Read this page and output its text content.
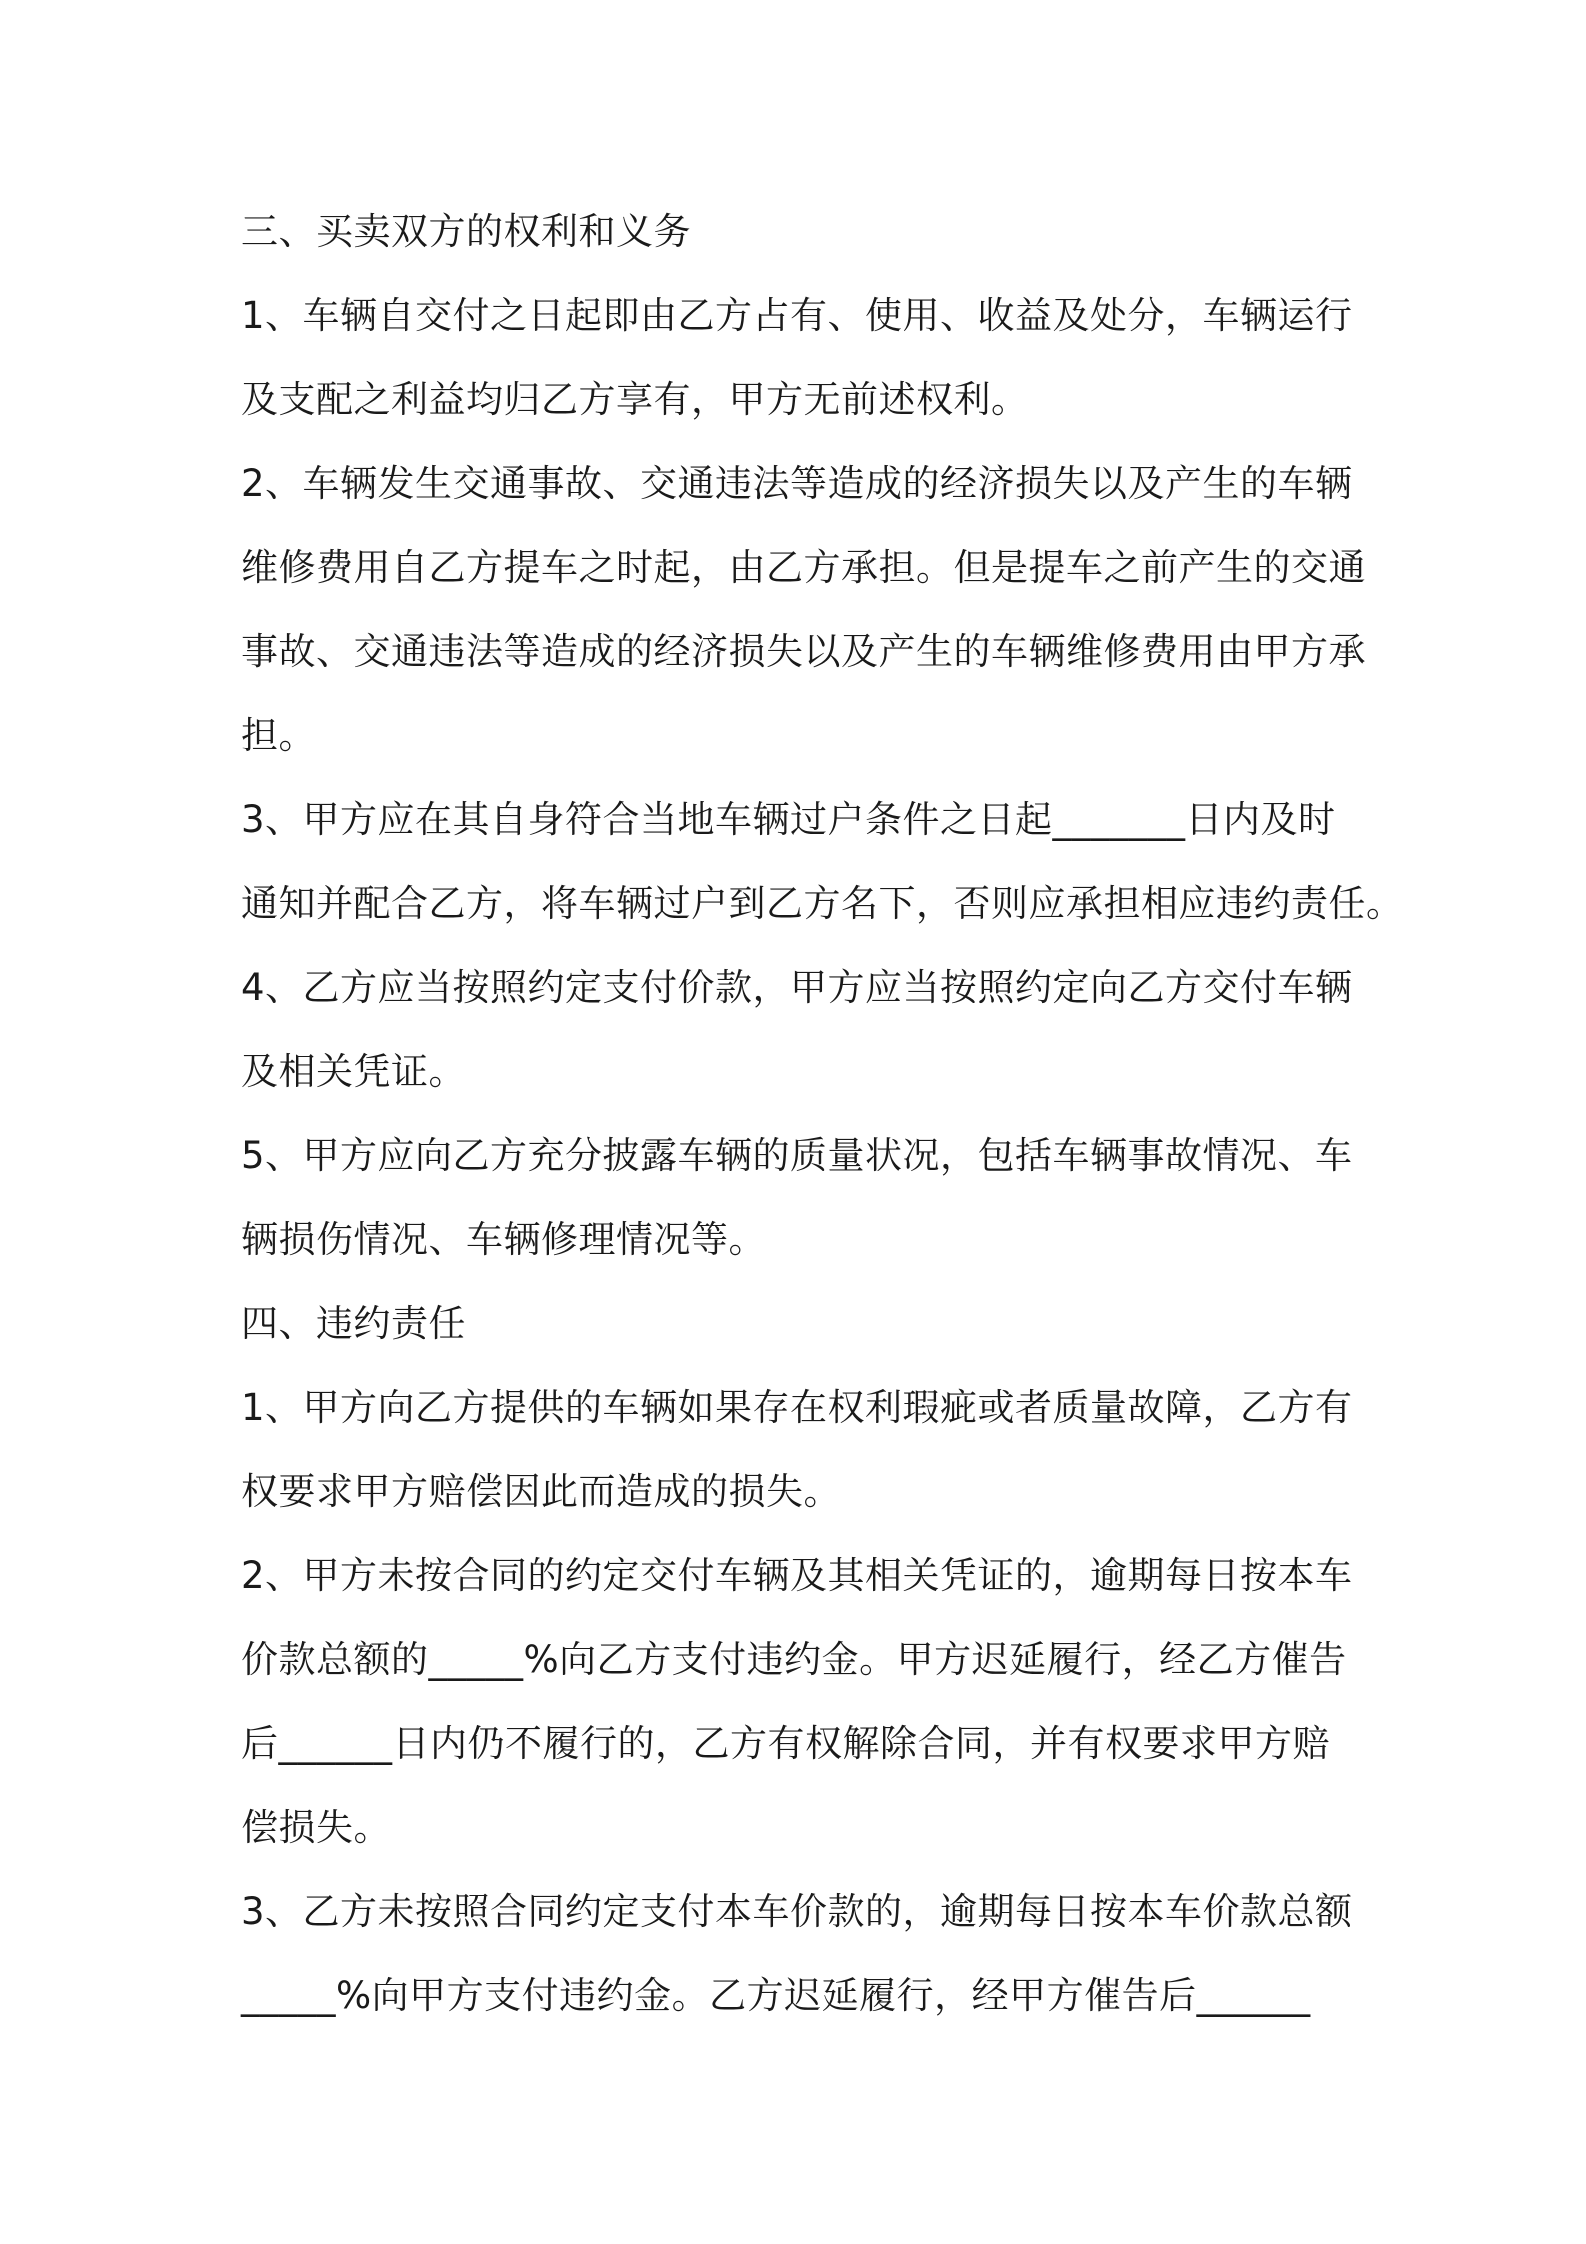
三、买卖双方的权利和义务
1、车辆自交付之日起即由乙方占有、使用、收益及处分，车辆运行
及支配之利益均归乙方享有，甲方无前述权利。
2、车辆发生交通事故、交通违法等造成的经济损失以及产生的车辆
维修费用自乙方提车之时起，由乙方承担。但是提车之前产生的交通
事故、交通违法等造成的经济损失以及产生的车辆维修费用由甲方承
担。
3、甲方应在其自身符合当地车辆过户条件之日起_______日内及时
通知并配合乙方，将车辆过户到乙方名下，否则应承担相应违约责任。
4、乙方应当按照约定支付价款，甲方应当按照约定向乙方交付车辆
及相关凭证。
5、甲方应向乙方充分披露车辆的质量状况，包括车辆事故情况、车
辆损伤情况、车辆修理情况等。
四、违约责任
1、甲方向乙方提供的车辆如果存在权利瑕疵或者质量故障，乙方有
权要求甲方赔偿因此而造成的损失。
2、甲方未按合同的约定交付车辆及其相关凭证的，逾期每日按本车
价款总额的_____%向乙方支付违约金。甲方迟延履行，经乙方催告
后______日内仍不履行的，乙方有权解除合同，并有权要求甲方赔
偿损失。
3、乙方未按照合同约定支付本车价款的，逾期每日按本车价款总额
_____%向甲方支付违约金。乙方迟延履行，经甲方催告后______
